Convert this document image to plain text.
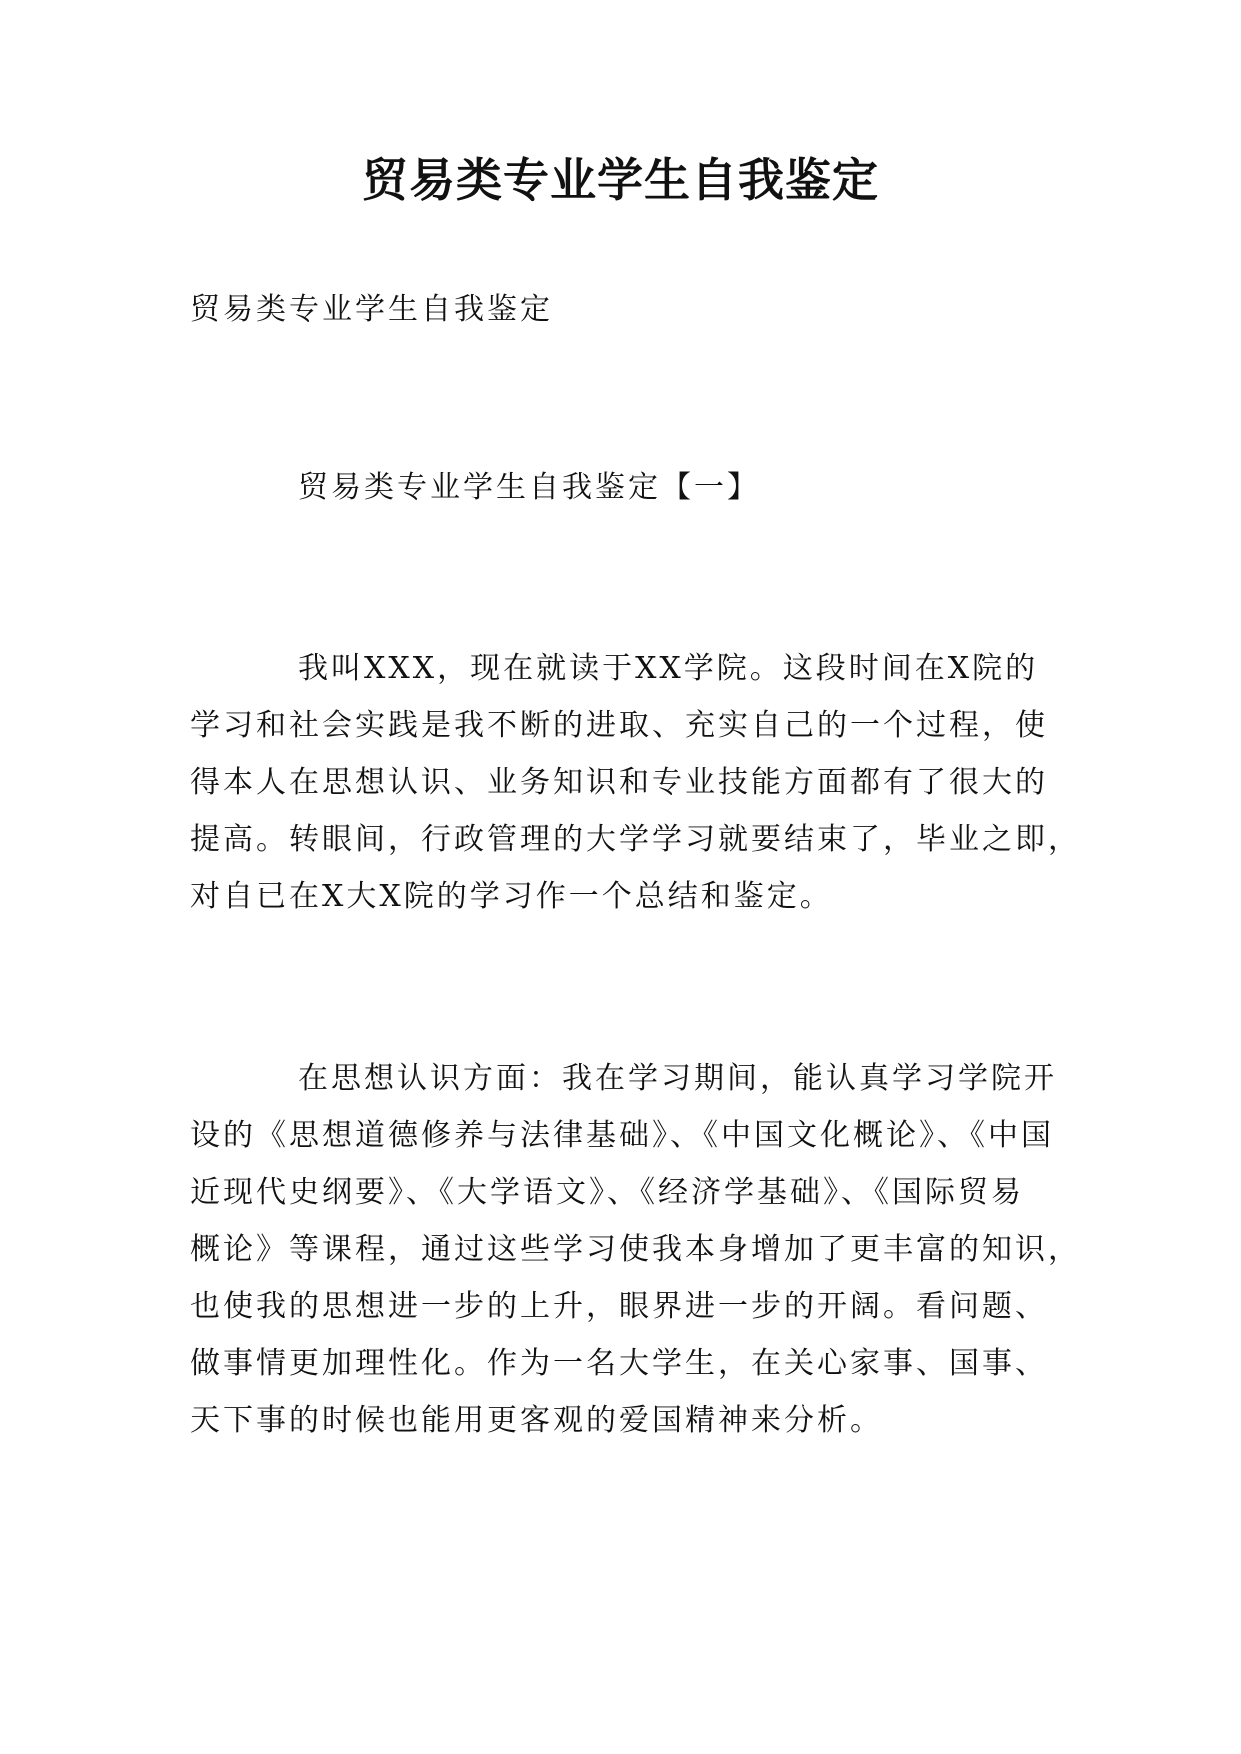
贸易类专业学生自我鉴定

贸易类专业学生自我鉴定

贸易类专业学生自我鉴定【一】

我叫XXX，现在就读于XX学院。这段时间在X院的
学习和社会实践是我不断的进取、充实自己的一个过程，使
得本人在思想认识、业务知识和专业技能方面都有了很大的
提高。转眼间，行政管理的大学学习就要结束了，毕业之即，
对自已在X大X院的学习作一个总结和鉴定。
在思想认识方面：我在学习期间，能认真学习学院开
设的《思想道德修养与法律基础》、《中国文化概论》、《中国
近现代史纲要》、《大学语文》、《经济学基础》、《国际贸易
概论》等课程，通过这些学习使我本身增加了更丰富的知识，
也使我的思想进一步的上升，眼界进一步的开阔。看问题、
做事情更加理性化。作为一名大学生，在关心家事、国事、
天下事的时候也能用更客观的爱国精神来分析。
